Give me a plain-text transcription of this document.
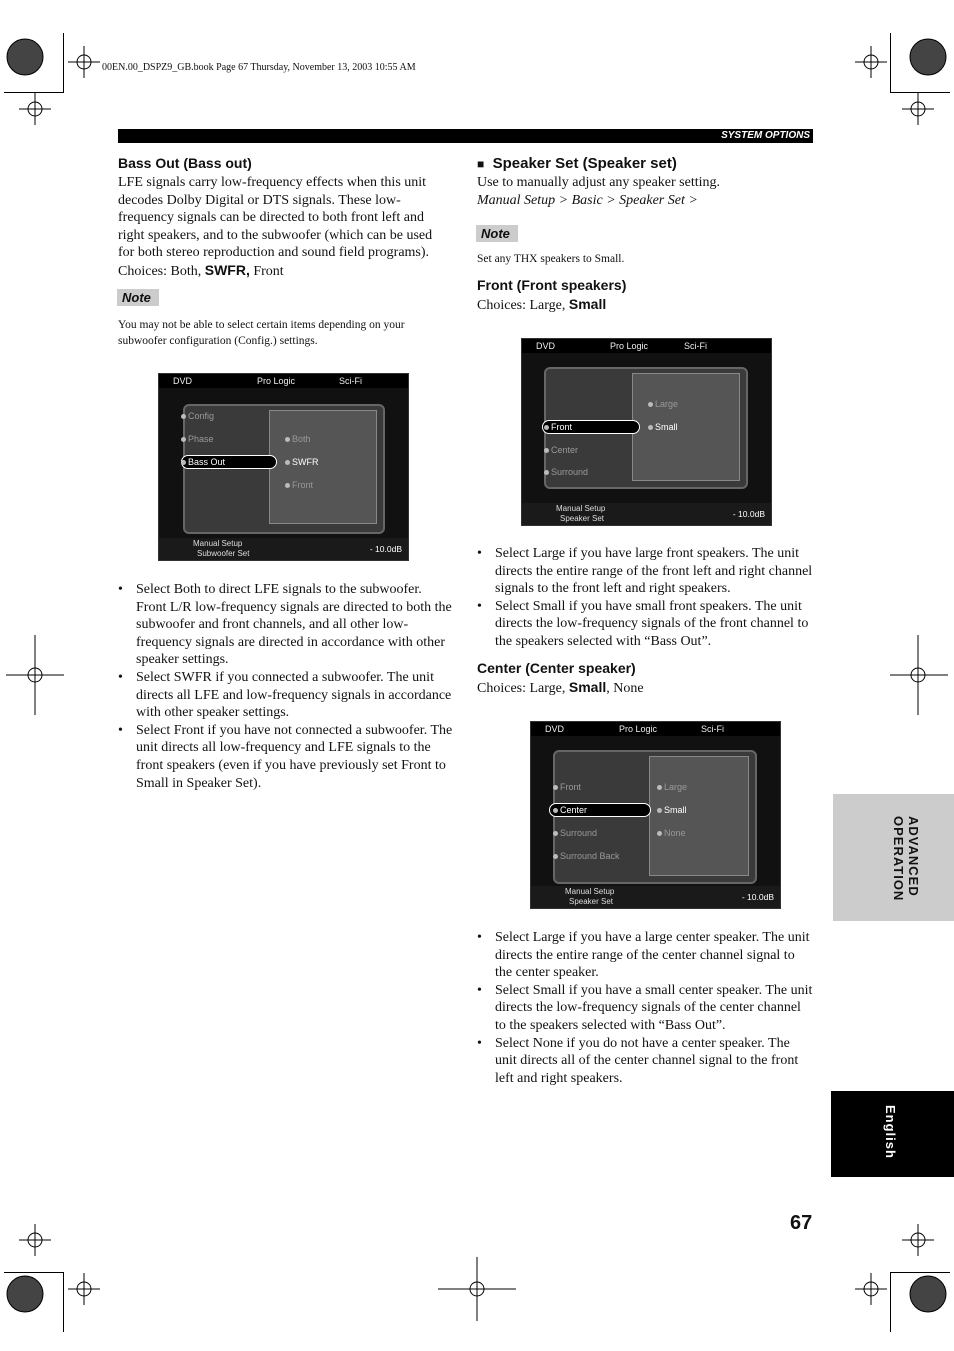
00EN.00_DSPZ9_GB.book Page 67 Thursday, November 13, 2003 10:55 AM
SYSTEM OPTIONS
Bass Out (Bass out)
LFE signals carry low-frequency effects when this unit decodes Dolby Digital or DTS signals. These low-frequency signals can be directed to both front left and right speakers, and to the subwoofer (which can be used for both stereo reproduction and sound field programs).
Choices: Both, SWFR, Front
Note
You may not be able to select certain items depending on your subwoofer configuration (Config.) settings.
DVD	Pro Logic	Sci-Fi
Config
Phase
Bass Out
Both
SWFR
Front
Manual Setup
Subwoofer Set	- 10.0dB
• Select Both to direct LFE signals to the subwoofer. Front L/R low-frequency signals are directed to both the subwoofer and front channels, and all other low-frequency signals are directed in accordance with other speaker settings.
• Select SWFR if you connected a subwoofer. The unit directs all LFE and low-frequency signals in accordance with other speaker settings.
• Select Front if you have not connected a subwoofer. The unit directs all low-frequency and LFE signals to the front speakers (even if you have previously set Front to Small in Speaker Set).
■ Speaker Set (Speaker set)
Use to manually adjust any speaker setting.
Manual Setup > Basic > Speaker Set >
Note
Set any THX speakers to Small.
Front (Front speakers)
Choices: Large, Small
DVD	Pro Logic	Sci-Fi
Front
Center
Surround
Large
Small
Manual Setup
Speaker Set	- 10.0dB
• Select Large if you have large front speakers. The unit directs the entire range of the front left and right channel signals to the front left and right speakers.
• Select Small if you have small front speakers. The unit directs the low-frequency signals of the front channel to the speakers selected with “Bass Out”.
Center (Center speaker)
Choices: Large, Small, None
DVD	Pro Logic	Sci-Fi
Front
Center
Surround
Surround Back
Large
Small
None
Manual Setup
Speaker Set	- 10.0dB
• Select Large if you have a large center speaker. The unit directs the entire range of the center channel signal to the center speaker.
• Select Small if you have a small center speaker. The unit directs the low-frequency signals of the center channel to the speakers selected with “Bass Out”.
• Select None if you do not have a center speaker. The unit directs all of the center channel signal to the front left and right speakers.
ADVANCED
OPERATION
English
67
